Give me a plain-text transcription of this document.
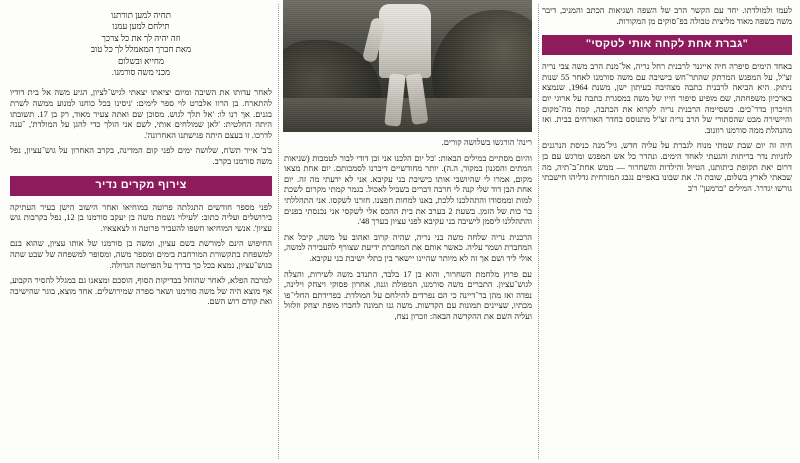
לעמו ולמולדתו. יחד עם הקשר הרב של השפה ושגיאות הכתב והמניכ, דיבר משה בשפה מאוד מליצית טבולה בפ־סוקים מן המקורות.

"גברת אחת לקחה אותי לטקסי"

באחד הימים סיפרה חיה אייגנר לרבנית רחל נריה, אל־מנת הרב משה צבי נריה זצ"ל, על המפגש המרתק שהתר־חש בישיבה עם משה סורמנו לאחר 55 שנות ניתוק. היא הביאה לרבנית כתבה מצהיבה בעיתון ישן, משנת 1964, שנמצא בארכיון משפחתה, שם מופיע סיפור חייו של משה במסגרת כתבה על ארוגי יום הזיכרון בדר־כים. כשסיימה הרבנית נריה לקרוא את הכתבה, קמה מה־מקום והיישירה מבט שהסתורי של הרב נריה זצ"ל מתנוסס בחדר האורחים בבית. ואז מהנהלת ממה סורמנו רוזנוב.

חיה זה יום שבת שמתי מנוח לגברת על עליה חדש, גיל־מנה כניסת הנרגנים לחניות נדר בריתות והגעתי לאחד הימים. ונהדר כל אש המפגש ומרגש עם בן דרום יאת תקופת כיתותנו, הטיול והילדות והשחרור — ממש אחת־ב־תיה, מה שבאתי לארץ בשלום, שובת ה'. את שבונו באפיים נגבג המזרחית גדליהו חישבתי גורשו יגדרו'. המילים "ברמען" ר'ב

רינה' הורגשו בשלושה קורים.

והיום מסתיים במילים הבאות: 'כל יום הלכנו אני ובן דודי לבור לטמבות (שניאות המתים והסגנון במקור, ה.ה). יותר מחודשיים דיברנו לסמכותם. יום אחת מצאו מקום, אמרו לי שהיושבי אותו כישיבת בני עקיבא. אני לא ידעתי מה זה. יום אחת הבן דוד שלי קנה לי חרבה דברים בשביל לאכול. בגמר קמתי מקרום לשכת למות וממסודו והתהלכנו ללכת, באנו למחות חפצנו. חזרנו לשקסו. אני התהללתי בר כות של הזמן. בשעת 2 בערב את בית ההכס אלי לשקסי אני נכנסתי בפנים והתהללנו ליסמן לישיבה בני עקיבא לפני עציון בערך 48'.

הרבנית נריה שלחה משה בני נריה, שהיה קרוב ואהוב על משה, קיבל את המחברת ושמר עליה. כאשר אותם את המחברת ידיעת שצורף להעבירה למשה, אולי ליד ושם אך זה לא מיותר שהיינו יישאר בין כתלי ישיבת בני עקיבא.

עם פרוץ מלחמת השחרור, והוא בן 17 בלבד, התנדב משה לשירות, והצלה לגוש־עציון. התברים משה סורמנו, המפולת וגנוז, אחרון פסוקי ויצחק וילינה, נפדה ואז מהן בר־דיינה כי הם נפרדים להילחם על המולדת. בפרידתם החלי־פו מכתיו, שציינים תמונות עם הקדשות. משה גנז תמונה לחברו מופת יצחק וזלזול ועליה השם את ההקדשה הבאה: וזכרון נצח,

תחיה למען תורתנו
תילחם למען עמנו
וזה יהיה לך את כל צרכך
מאת חברך המאמלל לך כל טוב
מחייא ובשלום
מכני משה סורמנו.

לאחר עדותו את השיבה ומיום יציאתו יצאתי לגיש־לציון, הגיע משה אל בית דודיו להתארח. בן הרוו אלברט לוי ספר לימים: 'ניסינו בכל כוחנו למנוע ממשה לשרת בגנים. אך רנו לו: 'אל תלך לגוש. מסוכן שם ואתה צעיר מאוד, רק בן 17. תשובתו היתה החלטית: 'לאן שמולחים אותי, לשם אני הולך כדי להגן על המולדת', ־ענה לדרכו. זו בעצם היתה פגישתנו האחרונה'.

ב'ב' אייר תש'ח, שלושה ימים לפני קום המדינה, בקרב האחרון על גוש־עציון, נפל משה סורמנו בקרב.

צירוף מקרים נדיר

לפני מספר חודשים התגלתה פרוטה במוחיאו ואחר הישוב הישן בעיר העתיקה בירושלים ועליה כתוב: 'לעילוי נשמת משה בן יעקב סורמנו בן 12, נפל בקרבות גוש עציון'. אנשי המוחיאו חשפו להעביר פרוטה זו לצאצאיו.

החיפוש הינם למורשת בשם עציון, ומשה בן סורמנו של אותו עציון, שהוא בנם למשפחת בתקשורת המורחבת בימים ומספר משה, ומסופר למשפחה של שבט שתה בגוש־עציון, נמצא בכל כך בדרך על הפרוטה הגדולה.

למרבה הפלא, לאחר שהוחל בבדיקות הסוף, הוסכם ומצאנו גם במגלל להסיר הקבוע, אף מוצא היה של משה סורמנו ושאר ספרה שמירושלים. אחד מוצא, בוגר שהישיבה ואת קודם רוש השם.
